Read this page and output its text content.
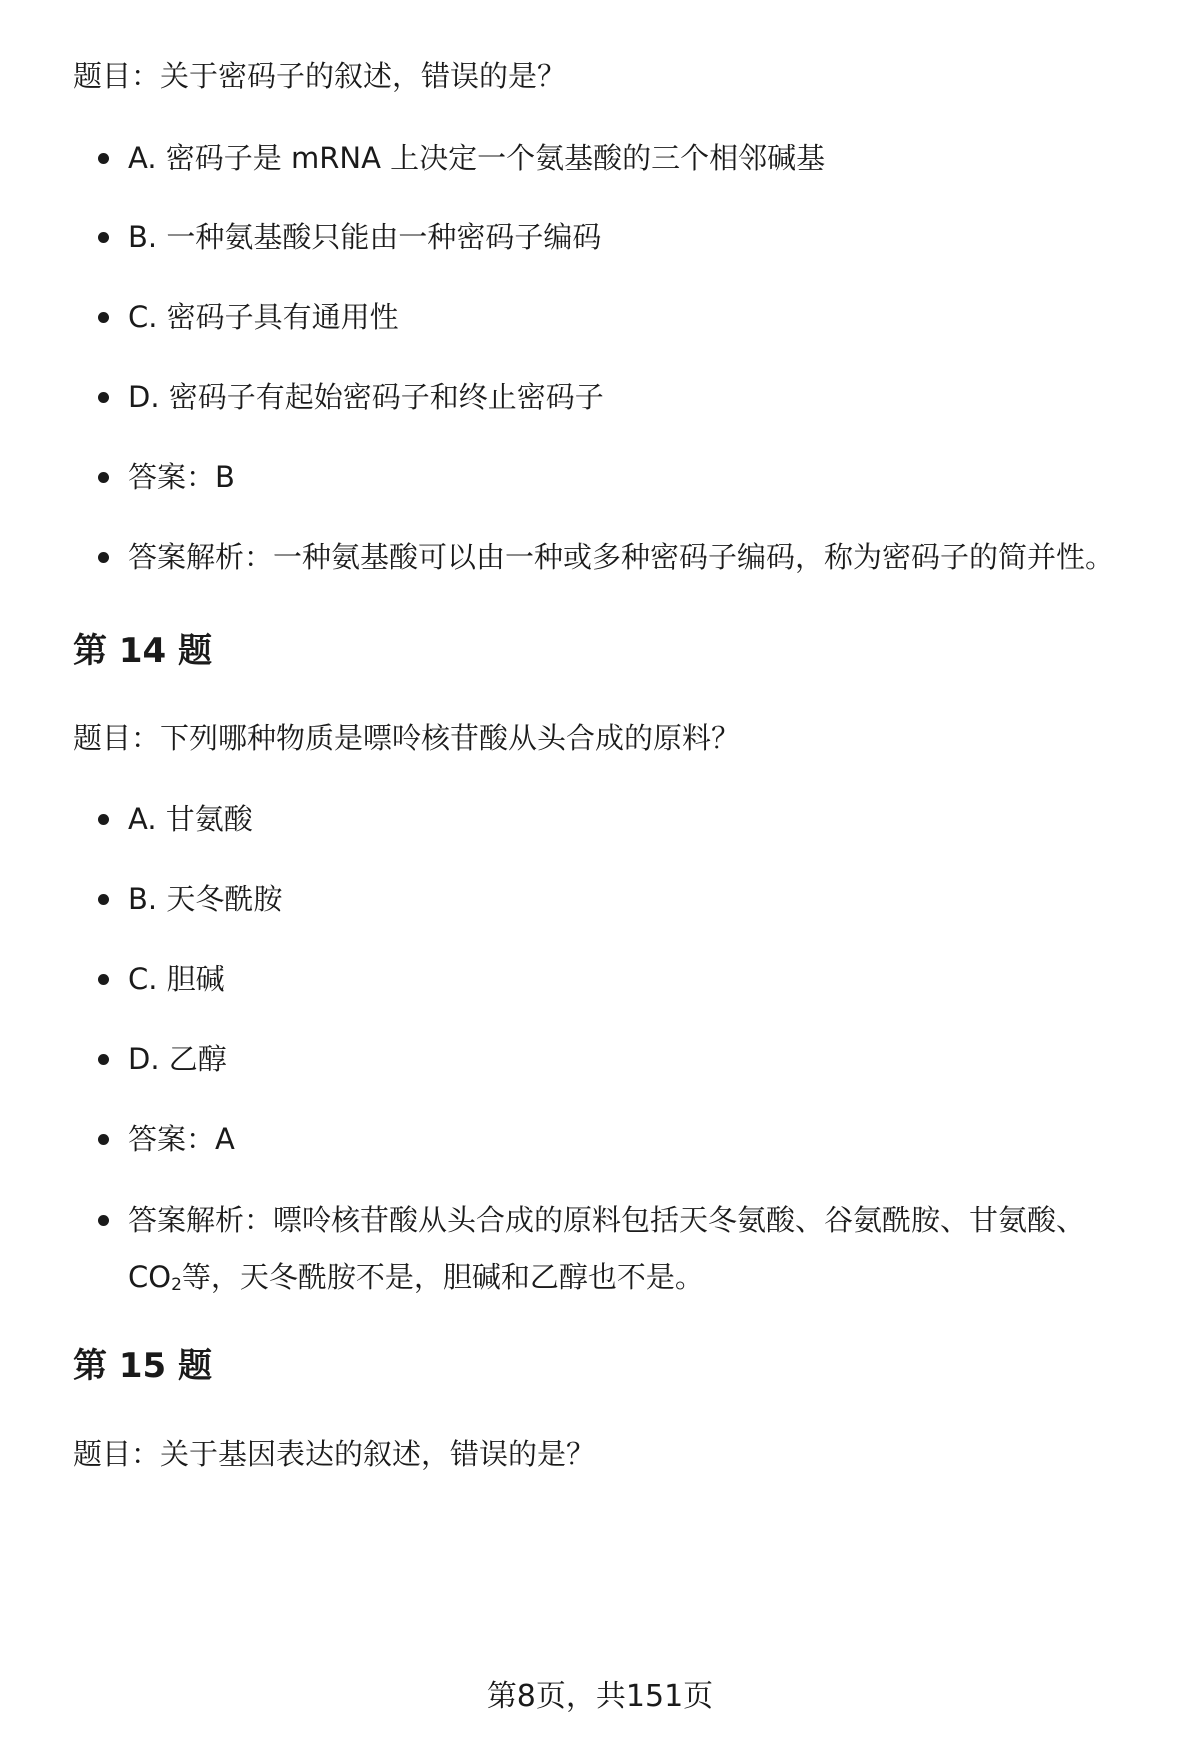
题目：关于密码子的叙述，错误的是？
A. 密码子是 mRNA 上决定一个氨基酸的三个相邻碱基
B. 一种氨基酸只能由一种密码子编码
C. 密码子具有通用性
D. 密码子有起始密码子和终止密码子
答案：B
答案解析：一种氨基酸可以由一种或多种密码子编码，称为密码子的简并性。
第 14 题
题目：下列哪种物质是嘌呤核苷酸从头合成的原料？
A. 甘氨酸
B. 天冬酰胺
C. 胆碱
D. 乙醇
答案：A
答案解析：嘌呤核苷酸从头合成的原料包括天冬氨酸、谷氨酰胺、甘氨酸、
$CO_2$等，天冬酰胺不是，胆碱和乙醇也不是。
第 15 题
题目：关于基因表达的叙述，错误的是？
第8页，共151页
